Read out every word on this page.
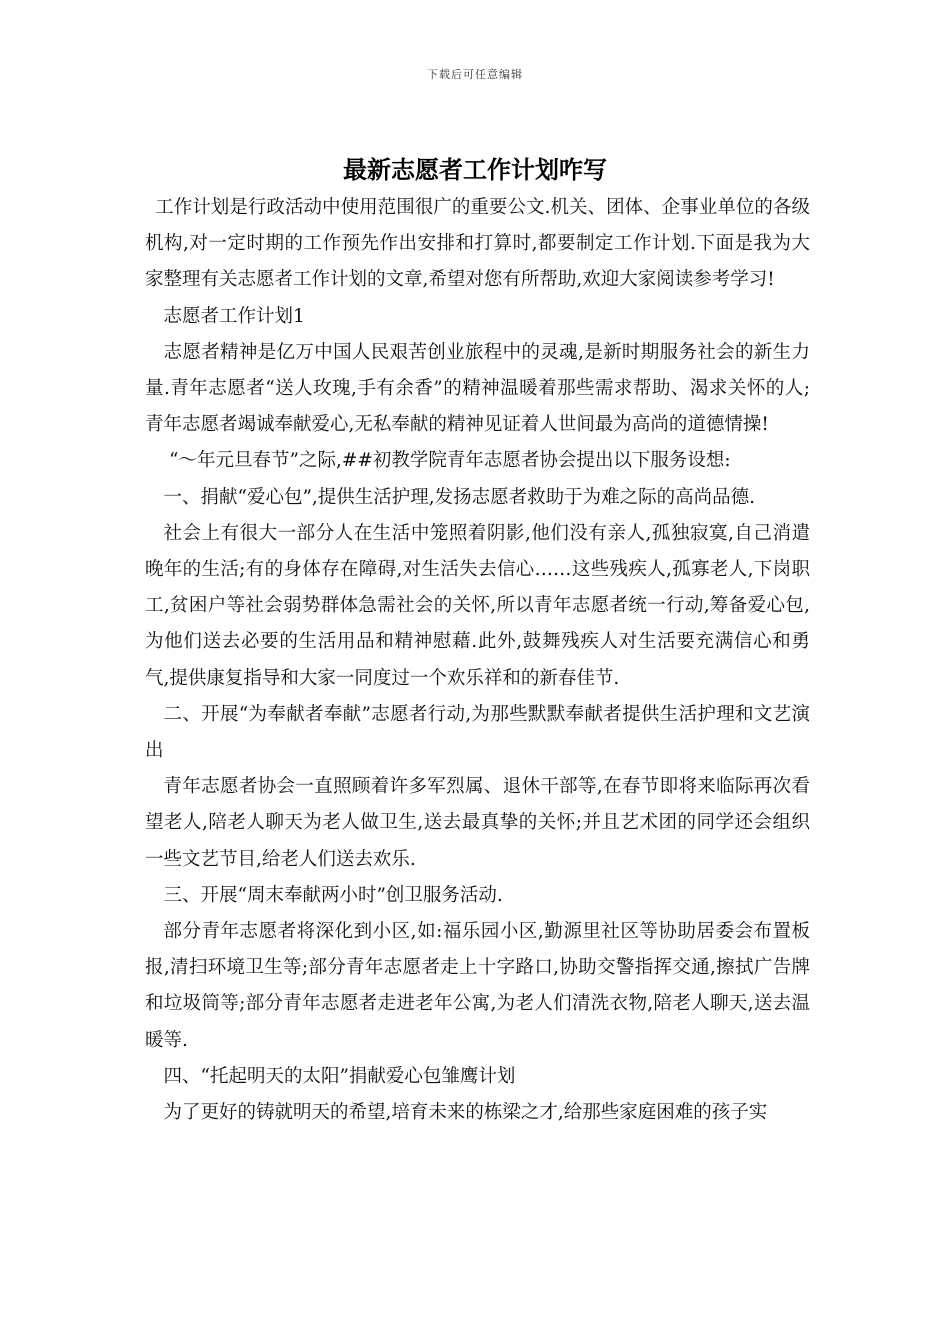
下载后可任意编辑
最新志愿者工作计划咋写

工作计划是行政活动中使用范围很广的重要公文.机关、团体、企事业单位的各级机构,对一定时期的工作预先作出安排和打算时,都要制定工作计划.下面是我为大家整理有关志愿者工作计划的文章,希望对您有所帮助,欢迎大家阅读参考学习!

志愿者工作计划1

志愿者精神是亿万中国人民艰苦创业旅程中的灵魂,是新时期服务社会的新生力量.青年志愿者“送人玫瑰,手有余香”的精神温暖着那些需求帮助、渴求关怀的人;青年志愿者竭诚奉献爱心,无私奉献的精神见证着人世间最为高尚的道德情操!

“～年元旦春节”之际,##初教学院青年志愿者协会提出以下服务设想:

一、捐献“爱心包”,提供生活护理,发扬志愿者救助于为难之际的高尚品德.

社会上有很大一部分人在生活中笼照着阴影,他们没有亲人,孤独寂寞,自己消遣晚年的生活;有的身体存在障碍,对生活失去信心……这些残疾人,孤寡老人,下岗职工,贫困户等社会弱势群体急需社会的关怀,所以青年志愿者统一行动,筹备爱心包,为他们送去必要的生活用品和精神慰藉.此外,鼓舞残疾人对生活要充满信心和勇气,提供康复指导和大家一同度过一个欢乐祥和的新春佳节.

二、开展“为奉献者奉献”志愿者行动,为那些默默奉献者提供生活护理和文艺演出

青年志愿者协会一直照顾着许多军烈属、退休干部等,在春节即将来临际再次看望老人,陪老人聊天为老人做卫生,送去最真挚的关怀;并且艺术团的同学还会组织一些文艺节目,给老人们送去欢乐.

三、开展“周末奉献两小时”创卫服务活动.

部分青年志愿者将深化到小区,如:福乐园小区,勤源里社区等协助居委会布置板报,清扫环境卫生等;部分青年志愿者走上十字路口,协助交警指挥交通,擦拭广告牌和垃圾筒等;部分青年志愿者走进老年公寓,为老人们清洗衣物,陪老人聊天,送去温暖等.

四、“托起明天的太阳”捐献爱心包雏鹰计划

为了更好的铸就明天的希望,培育未来的栋梁之才,给那些家庭困难的孩子实
